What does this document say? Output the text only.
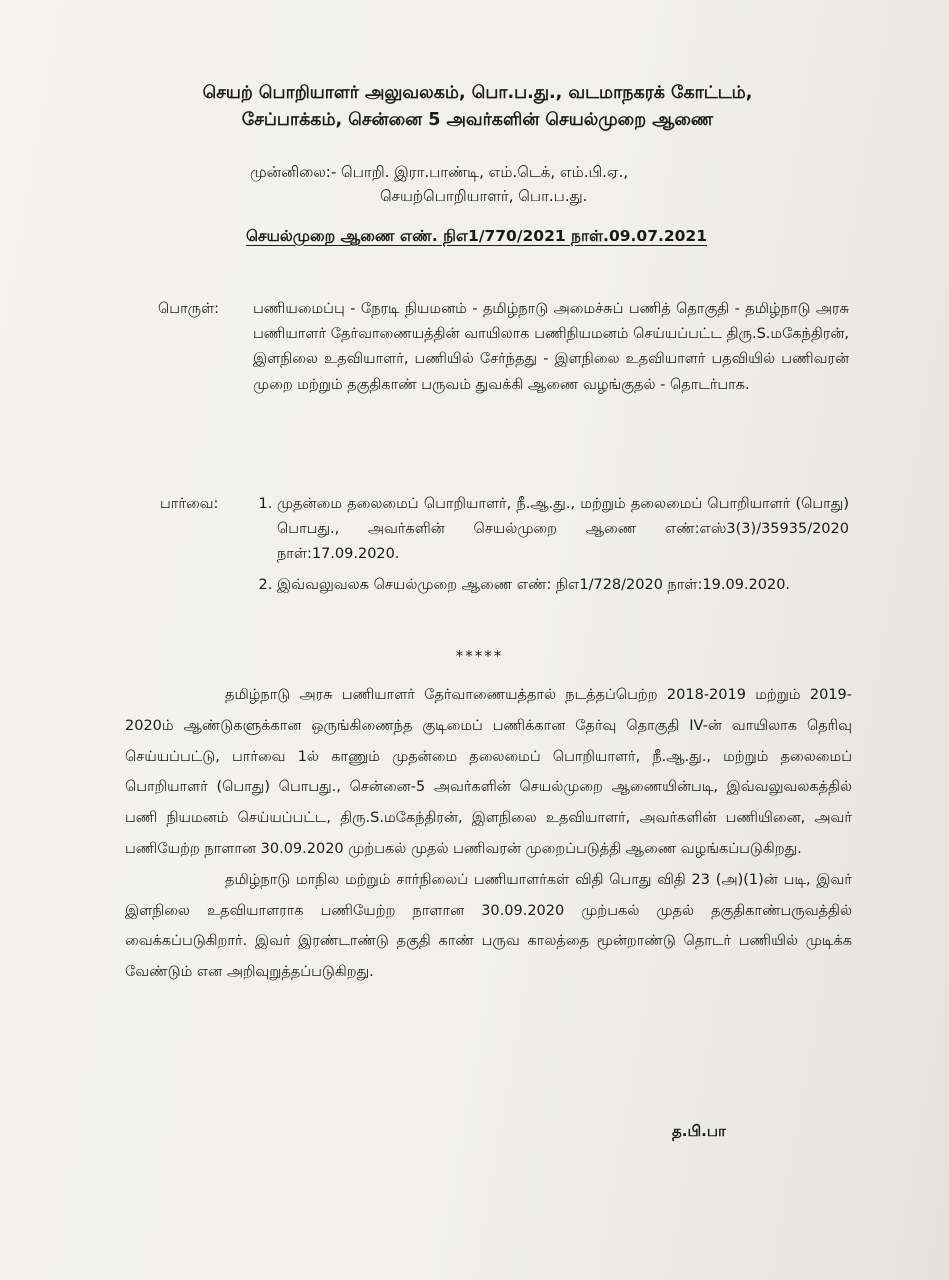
செயற் பொறியாளர் அலுவலகம், பொ.ப.து., வடமாநகரக் கோட்டம்,
சேப்பாக்கம், சென்னை 5 அவர்களின் செயல்முறை ஆணை
முன்னிலை:- பொறி. இரா.பாண்டி, எம்.டெக், எம்.பி.ஏ.,
செயற்பொறியாளர், பொ.ப.து.
செயல்முறை ஆணை எண். நிஎ1/770/2021 நாள்.09.07.2021
பொருள்:	பணியமைப்பு - நேரடி நியமனம் - தமிழ்நாடு அமைச்சுப் பணித் தொகுதி - தமிழ்நாடு அரசு பணியாளர் தேர்வாணையத்தின் வாயிலாக பணிநியமனம் செய்யப்பட்ட திரு.S.மகேந்திரன், இளநிலை உதவியாளர், பணியில் சேர்ந்தது - இளநிலை உதவியாளர் பதவியில் பணிவரன் முறை மற்றும் தகுதிகாண் பருவம் துவக்கி ஆணை வழங்குதல் - தொடர்பாக.
பார்வை:
1.	முதன்மை தலைமைப் பொறியாளர், நீ.ஆ.து., மற்றும் தலைமைப் பொறியாளர் (பொது) பொபது., அவர்களின் செயல்முறை ஆணை எண்:எஸ்3(3)/35935/2020 நாள்:17.09.2020.
2. இவ்வலுவலக செயல்முறை ஆணை எண்: நிஎ1/728/2020 நாள்:19.09.2020.
*****

தமிழ்நாடு அரசு பணியாளர் தேர்வாணையத்தால் நடத்தப்பெற்ற 2018-2019 மற்றும் 2019-2020ம் ஆண்டுகளுக்கான ஒருங்கிணைந்த குடிமைப் பணிக்கான தேர்வு தொகுதி IV-ன் வாயிலாக தெரிவு செய்யப்பட்டு, பார்வை 1ல் காணும் முதன்மை தலைமைப் பொறியாளர், நீ.ஆ.து., மற்றும் தலைமைப் பொறியாளர் (பொது) பொபது., சென்னை-5 அவர்களின் செயல்முறை ஆணையின்படி, இவ்வலுவலகத்தில் பணி நியமனம் செய்யப்பட்ட, திரு.S.மகேந்திரன், இளநிலை உதவியாளர், அவர்களின் பணியினை, அவர் பணியேற்ற நாளான 30.09.2020 முற்பகல் முதல் பணிவரன் முறைப்படுத்தி ஆணை வழங்கப்படுகிறது.

தமிழ்நாடு மாநில மற்றும் சார்நிலைப் பணியாளர்கள் விதி பொது விதி 23 (அ)(1)ன் படி, இவர் இளநிலை உதவியாளராக பணியேற்ற நாளான 30.09.2020 முற்பகல் முதல் தகுதிகாண்பருவத்தில் வைக்கப்படுகிறார். இவர் இரண்டாண்டு தகுதி காண் பருவ காலத்தை மூன்றாண்டு தொடர் பணியில் முடிக்க வேண்டும் என அறிவுறுத்தப்படுகிறது.

த.பி.பா
